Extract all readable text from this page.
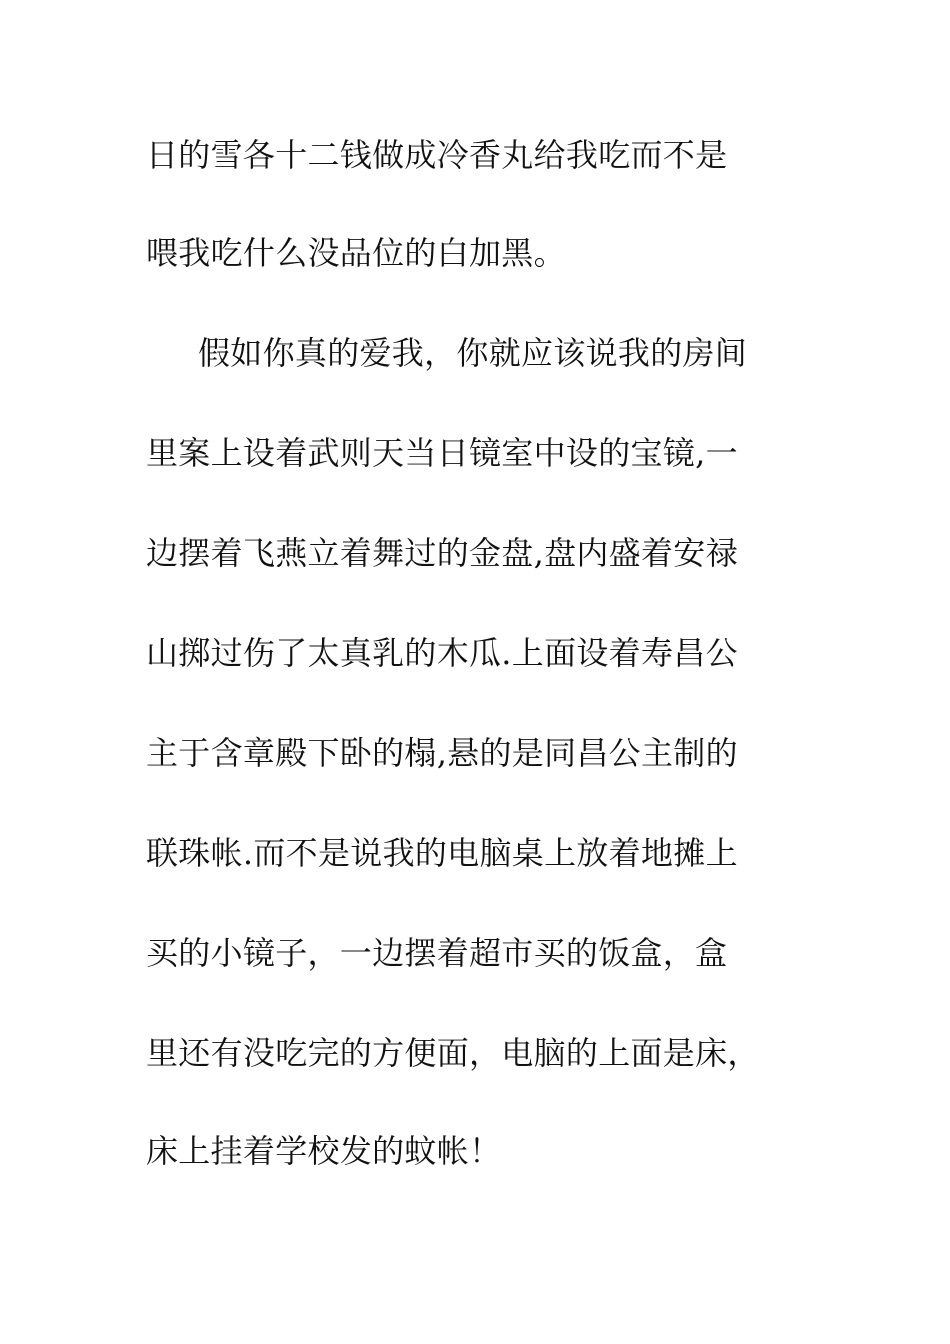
日的雪各十二钱做成冷香丸给我吃而不是
喂我吃什么没品位的白加黑。
假如你真的爱我，你就应该说我的房间
里案上设着武则天当日镜室中设的宝镜,一
边摆着飞燕立着舞过的金盘,盘内盛着安禄
山掷过伤了太真乳的木瓜.上面设着寿昌公
主于含章殿下卧的榻,悬的是同昌公主制的
联珠帐.而不是说我的电脑桌上放着地摊上
买的小镜子，一边摆着超市买的饭盒，盒
里还有没吃完的方便面，电脑的上面是床，
床上挂着学校发的蚊帐！
